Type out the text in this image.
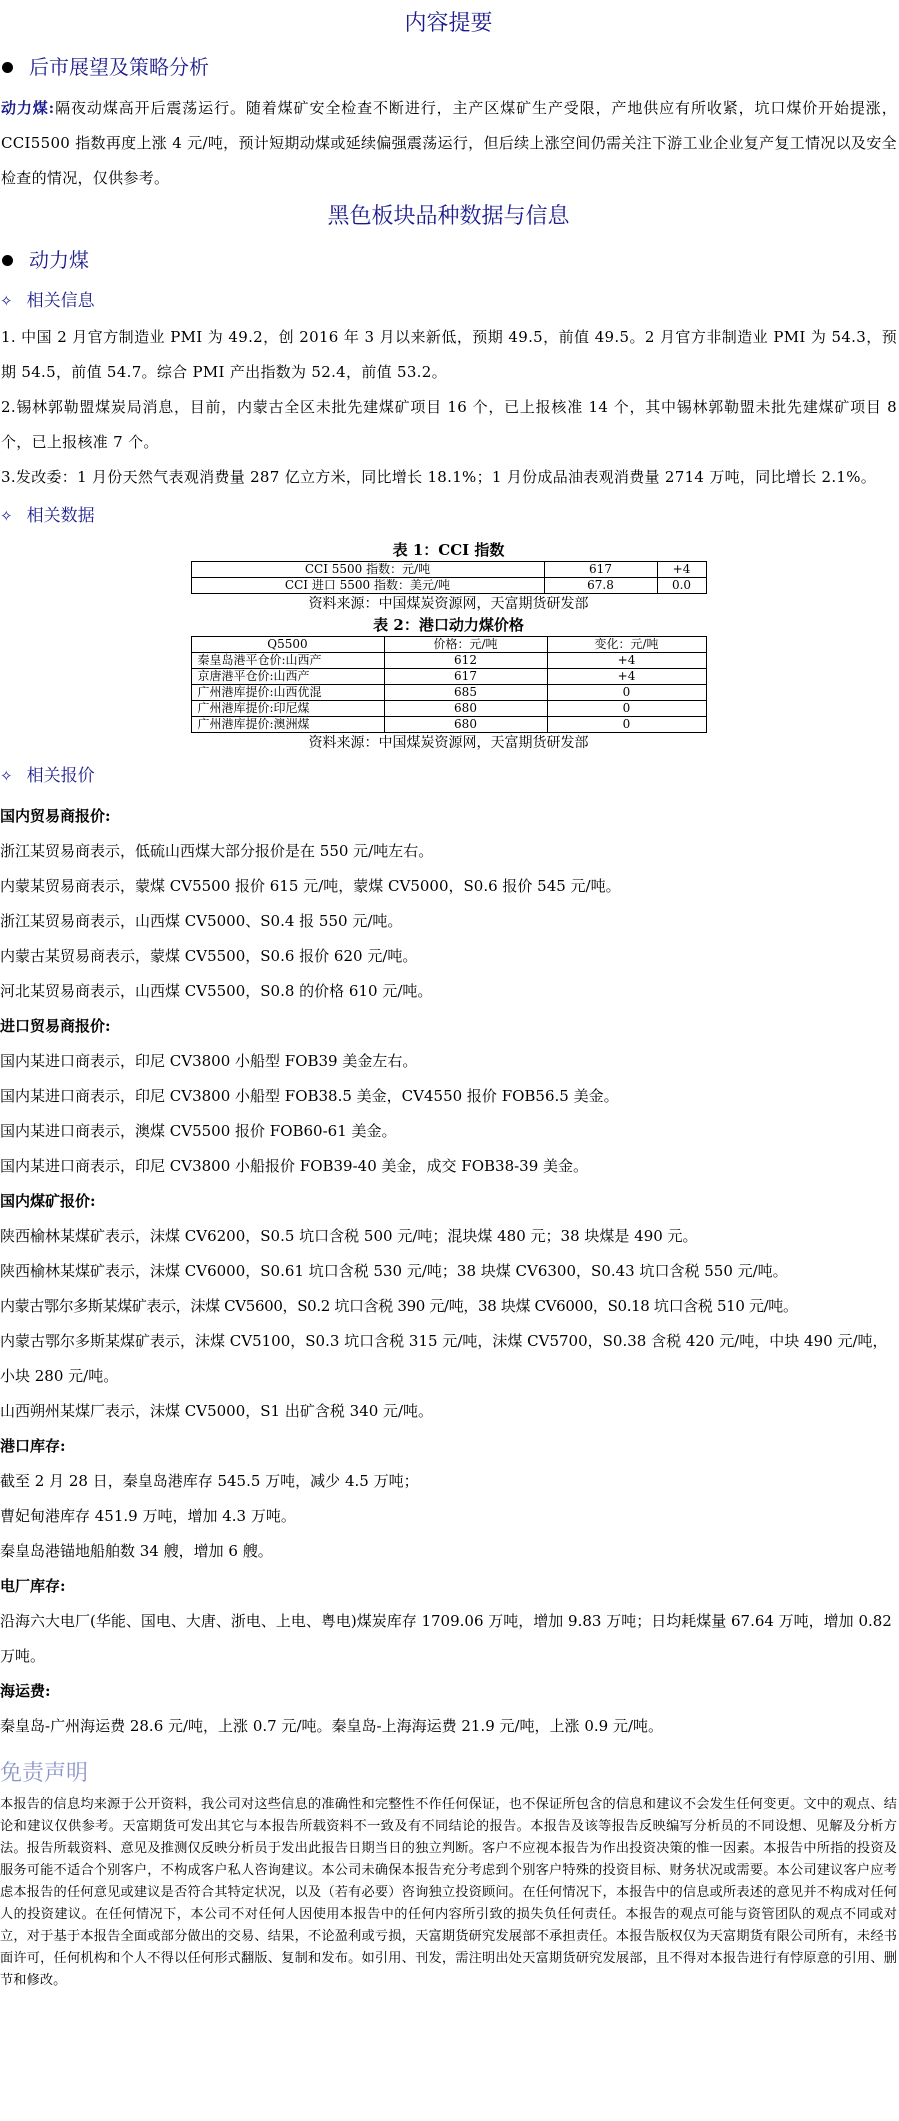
内容提要
后市展望及策略分析

动力煤:隔夜动煤高开后震荡运行。随着煤矿安全检查不断进行，主产区煤矿生产受限，产地供应有所收紧，坑口煤价开始提涨，CCI5500 指数再度上涨 4 元/吨，预计短期动煤或延续偏强震荡运行，但后续上涨空间仍需关注下游工业企业复产复工情况以及安全检查的情况，仅供参考。

黑色板块品种数据与信息
动力煤
✧ 相关信息

1. 中国 2 月官方制造业 PMI 为 49.2，创 2016 年 3 月以来新低，预期 49.5，前值 49.5。2 月官方非制造业 PMI 为 54.3，预期 54.5，前值 54.7。综合 PMI 产出指数为 52.4，前值 53.2。

2.锡林郭勒盟煤炭局消息，目前，内蒙古全区未批先建煤矿项目 16 个，已上报核准 14 个，其中锡林郭勒盟未批先建煤矿项目 8 个，已上报核准 7 个。

3.发改委：1 月份天然气表观消费量 287 亿立方米，同比增长 18.1%；1 月份成品油表观消费量 2714 万吨，同比增长 2.1%。

✧ 相关数据
表 1：CCI 指数
CCI 5500 指数：元/吨	617	+4
CCI 进口 5500 指数：美元/吨	67.8	0.0
资料来源：中国煤炭资源网，天富期货研发部
表 2：港口动力煤价格
Q5500	价格：元/吨	变化：元/吨
秦皇岛港平仓价:山西产	612	+4
京唐港平仓价:山西产	617	+4
广州港库提价:山西优混	685	0
广州港库提价:印尼煤	680	0
广州港库提价:澳洲煤	680	0
资料来源：中国煤炭资源网，天富期货研发部
✧ 相关报价

国内贸易商报价:

浙江某贸易商表示，低硫山西煤大部分报价是在 550 元/吨左右。

内蒙某贸易商表示，蒙煤 CV5500 报价 615 元/吨，蒙煤 CV5000，S0.6 报价 545 元/吨。

浙江某贸易商表示，山西煤 CV5000、S0.4 报 550 元/吨。

内蒙古某贸易商表示，蒙煤 CV5500，S0.6 报价 620 元/吨。

河北某贸易商表示，山西煤 CV5500，S0.8 的价格 610 元/吨。

进口贸易商报价:

国内某进口商表示，印尼 CV3800 小船型 FOB39 美金左右。

国内某进口商表示，印尼 CV3800 小船型 FOB38.5 美金，CV4550 报价 FOB56.5 美金。

国内某进口商表示，澳煤 CV5500 报价 FOB60-61 美金。

国内某进口商表示，印尼 CV3800 小船报价 FOB39-40 美金，成交 FOB38-39 美金。

国内煤矿报价:

陕西榆林某煤矿表示，沫煤 CV6200，S0.5 坑口含税 500 元/吨；混块煤 480 元；38 块煤是 490 元。

陕西榆林某煤矿表示，沫煤 CV6000，S0.61 坑口含税 530 元/吨；38 块煤 CV6300，S0.43 坑口含税 550 元/吨。

内蒙古鄂尔多斯某煤矿表示，沫煤 CV5600，S0.2 坑口含税 390 元/吨，38 块煤 CV6000，S0.18 坑口含税 510 元/吨。

内蒙古鄂尔多斯某煤矿表示，沫煤 CV5100，S0.3 坑口含税 315 元/吨，沫煤 CV5700，S0.38 含税 420 元/吨，中块 490 元/吨，小块 280 元/吨。

山西朔州某煤厂表示，沫煤 CV5000，S1 出矿含税 340 元/吨。

港口库存:

截至 2 月 28 日，秦皇岛港库存 545.5 万吨，减少 4.5 万吨；

曹妃甸港库存 451.9 万吨，增加 4.3 万吨。

秦皇岛港锚地船舶数 34 艘，增加 6 艘。

电厂库存:

沿海六大电厂(华能、国电、大唐、浙电、上电、粤电)煤炭库存 1709.06 万吨，增加 9.83 万吨；日均耗煤量 67.64 万吨，增加 0.82 万吨。

海运费:

秦皇岛-广州海运费 28.6 元/吨，上涨 0.7 元/吨。秦皇岛-上海海运费 21.9 元/吨，上涨 0.9 元/吨。

免责声明

本报告的信息均来源于公开资料，我公司对这些信息的准确性和完整性不作任何保证，也不保证所包含的信息和建议不会发生任何变更。文中的观点、结论和建议仅供参考。天富期货可发出其它与本报告所载资料不一致及有不同结论的报告。本报告及该等报告反映编写分析员的不同设想、见解及分析方法。报告所载资料、意见及推测仅反映分析员于发出此报告日期当日的独立判断。客户不应视本报告为作出投资决策的惟一因素。本报告中所指的投资及服务可能不适合个别客户，不构成客户私人咨询建议。本公司未确保本报告充分考虑到个别客户特殊的投资目标、财务状况或需要。本公司建议客户应考虑本报告的任何意见或建议是否符合其特定状况，以及（若有必要）咨询独立投资顾问。在任何情况下，本报告中的信息或所表述的意见并不构成对任何人的投资建议。在任何情况下，本公司不对任何人因使用本报告中的任何内容所引致的损失负任何责任。本报告的观点可能与资管团队的观点不同或对立，对于基于本报告全面或部分做出的交易、结果，不论盈利或亏损，天富期货研究发展部不承担责任。本报告版权仅为天富期货有限公司所有，未经书面许可，任何机构和个人不得以任何形式翻版、复制和发布。如引用、刊发，需注明出处天富期货研究发展部，且不得对本报告进行有悖原意的引用、删节和修改。
